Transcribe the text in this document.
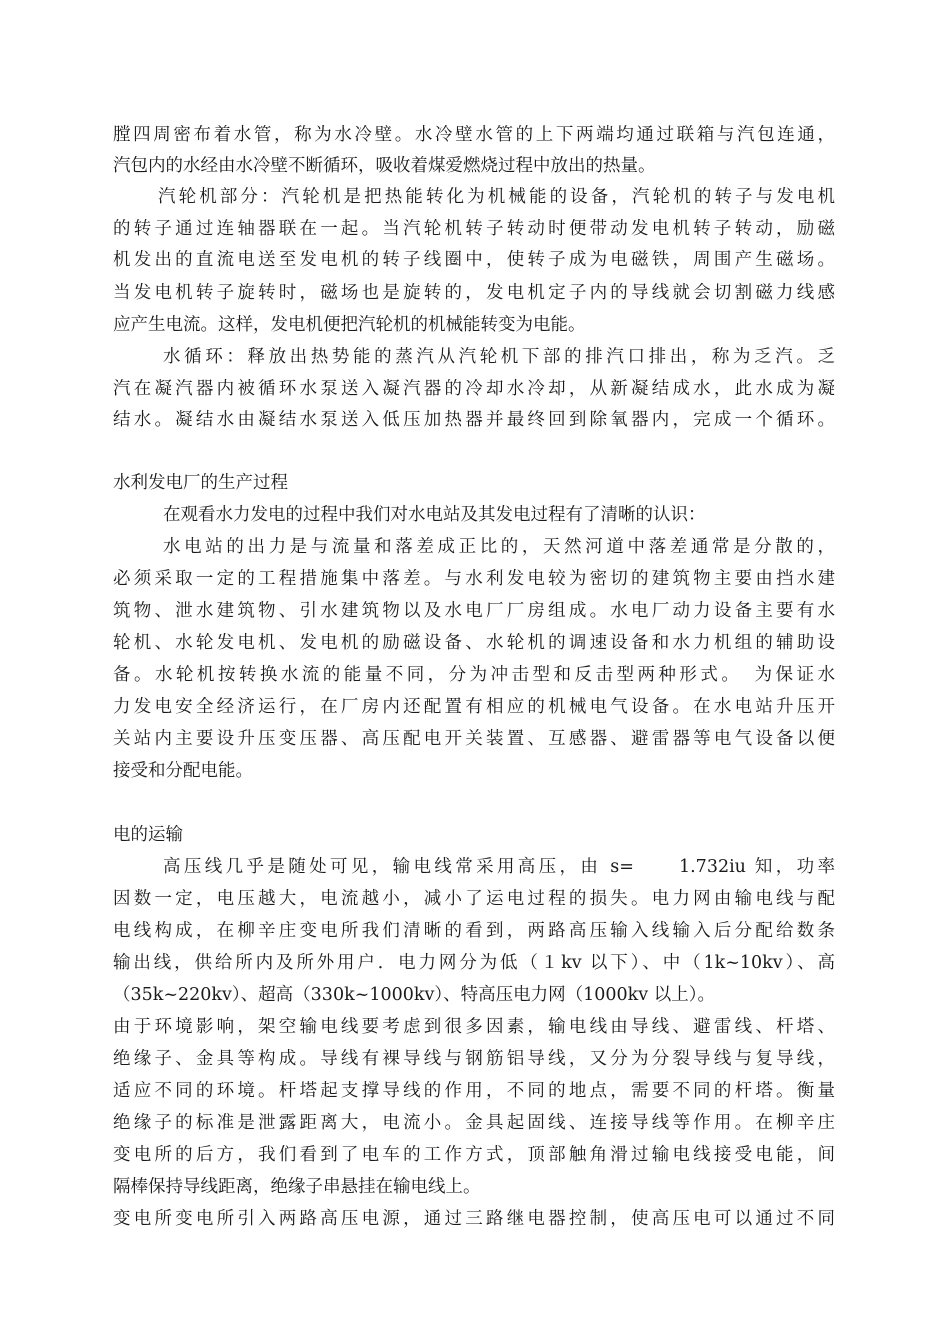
膛四周密布着水管，称为水冷壁。水冷壁水管的上下两端均通过联箱与汽包连通，
汽包内的水经由水冷壁不断循环，吸收着煤爱燃烧过程中放出的热量。
汽轮机部分：汽轮机是把热能转化为机械能的设备，汽轮机的转子与发电机
的转子通过连轴器联在一起。当汽轮机转子转动时便带动发电机转子转动，励磁
机发出的直流电送至发电机的转子线圈中，使转子成为电磁铁，周围产生磁场。
当发电机转子旋转时，磁场也是旋转的，发电机定子内的导线就会切割磁力线感
应产生电流。这样，发电机便把汽轮机的机械能转变为电能。
水循环：释放出热势能的蒸汽从汽轮机下部的排汽口排出，称为乏汽。乏
汽在凝汽器内被循环水泵送入凝汽器的冷却水冷却，从新凝结成水，此水成为凝
结水。凝结水由凝结水泵送入低压加热器并最终回到除氧器内，完成一个循环。
水利发电厂的生产过程
在观看水力发电的过程中我们对水电站及其发电过程有了清晰的认识：
水电站的出力是与流量和落差成正比的，天然河道中落差通常是分散的，
必须采取一定的工程措施集中落差。与水利发电较为密切的建筑物主要由挡水建
筑物、泄水建筑物、引水建筑物以及水电厂厂房组成。水电厂动力设备主要有水
轮机、水轮发电机、发电机的励磁设备、水轮机的调速设备和水力机组的辅助设
备。水轮机按转换水流的能量不同，分为冲击型和反击型两种形式。　为保证水
力发电安全经济运行，在厂房内还配置有相应的机械电气设备。在水电站升压开
关站内主要设升压变压器、高压配电开关装置、互感器、避雷器等电气设备以便
接受和分配电能。
电的运输
高压线几乎是随处可见，输电线常采用高压，由 s=　　1.732iu 知，功率
因数一定，电压越大，电流越小，减小了运电过程的损失。电力网由输电线与配
电线构成，在柳辛庄变电所我们清晰的看到，两路高压输入线输入后分配给数条
输出线，供给所内及所外用户．电力网分为低（１kv 以下）、中（1k~10kv）、高
（35k~220kv）、超高（330k~1000kv）、特高压电力网（1000kv 以上）。
由于环境影响，架空输电线要考虑到很多因素，输电线由导线、避雷线、杆塔、
绝缘子、金具等构成。导线有裸导线与钢筋铝导线，又分为分裂导线与复导线，
适应不同的环境。杆塔起支撑导线的作用，不同的地点，需要不同的杆塔。衡量
绝缘子的标准是泄露距离大，电流小。金具起固线、连接导线等作用。在柳辛庄
变电所的后方，我们看到了电车的工作方式，顶部触角滑过输电线接受电能，间
隔棒保持导线距离，绝缘子串悬挂在输电线上。
变电所变电所引入两路高压电源，通过三路继电器控制，使高压电可以通过不同
